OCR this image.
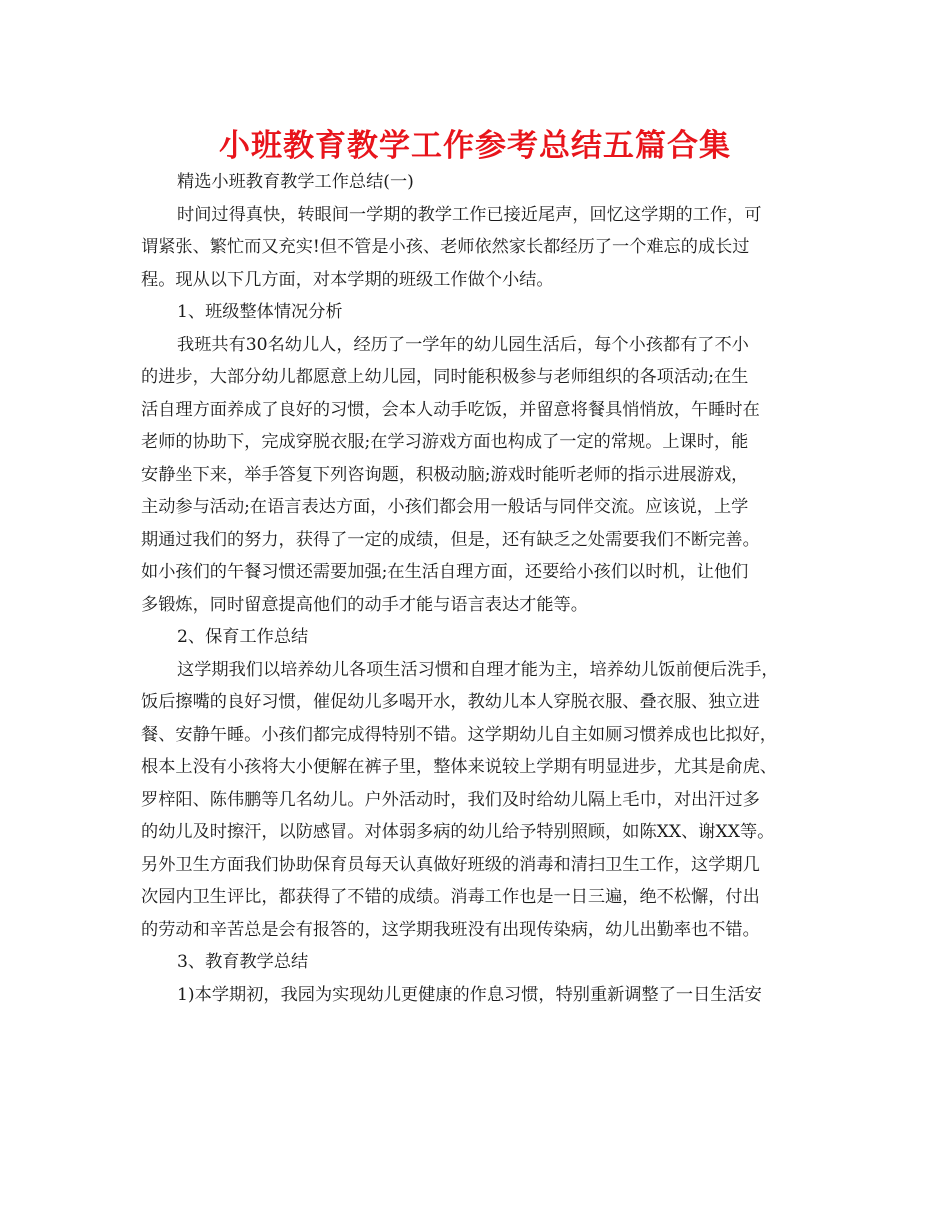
小班教育教学工作参考总结五篇合集

精选小班教育教学工作总结(一)

时间过得真快，转眼间一学期的教学工作已接近尾声，回忆这学期的工作，可

谓紧张、繁忙而又充实!但不管是小孩、老师依然家长都经历了一个难忘的成长过

程。现从以下几方面，对本学期的班级工作做个小结。

1、班级整体情况分析

我班共有30名幼儿人，经历了一学年的幼儿园生活后，每个小孩都有了不小

的进步，大部分幼儿都愿意上幼儿园，同时能积极参与老师组织的各项活动;在生

活自理方面养成了良好的习惯，会本人动手吃饭，并留意将餐具悄悄放，午睡时在

老师的协助下，完成穿脱衣服;在学习游戏方面也构成了一定的常规。上课时，能

安静坐下来，举手答复下列咨询题，积极动脑;游戏时能听老师的指示进展游戏，

主动参与活动;在语言表达方面，小孩们都会用一般话与同伴交流。应该说，上学

期通过我们的努力，获得了一定的成绩，但是，还有缺乏之处需要我们不断完善。

如小孩们的午餐习惯还需要加强;在生活自理方面，还要给小孩们以时机，让他们

多锻炼，同时留意提高他们的动手才能与语言表达才能等。

2、保育工作总结

这学期我们以培养幼儿各项生活习惯和自理才能为主，培养幼儿饭前便后洗手，

饭后擦嘴的良好习惯，催促幼儿多喝开水，教幼儿本人穿脱衣服、叠衣服、独立进

餐、安静午睡。小孩们都完成得特别不错。这学期幼儿自主如厕习惯养成也比拟好，

根本上没有小孩将大小便解在裤子里，整体来说较上学期有明显进步，尤其是俞虎、

罗梓阳、陈伟鹏等几名幼儿。户外活动时，我们及时给幼儿隔上毛巾，对出汗过多

的幼儿及时擦汗，以防感冒。对体弱多病的幼儿给予特别照顾，如陈XX、谢XX等。

另外卫生方面我们协助保育员每天认真做好班级的消毒和清扫卫生工作，这学期几

次园内卫生评比，都获得了不错的成绩。消毒工作也是一日三遍，绝不松懈，付出

的劳动和辛苦总是会有报答的，这学期我班没有出现传染病，幼儿出勤率也不错。

3、教育教学总结

1)本学期初，我园为实现幼儿更健康的作息习惯，特别重新调整了一日生活安
